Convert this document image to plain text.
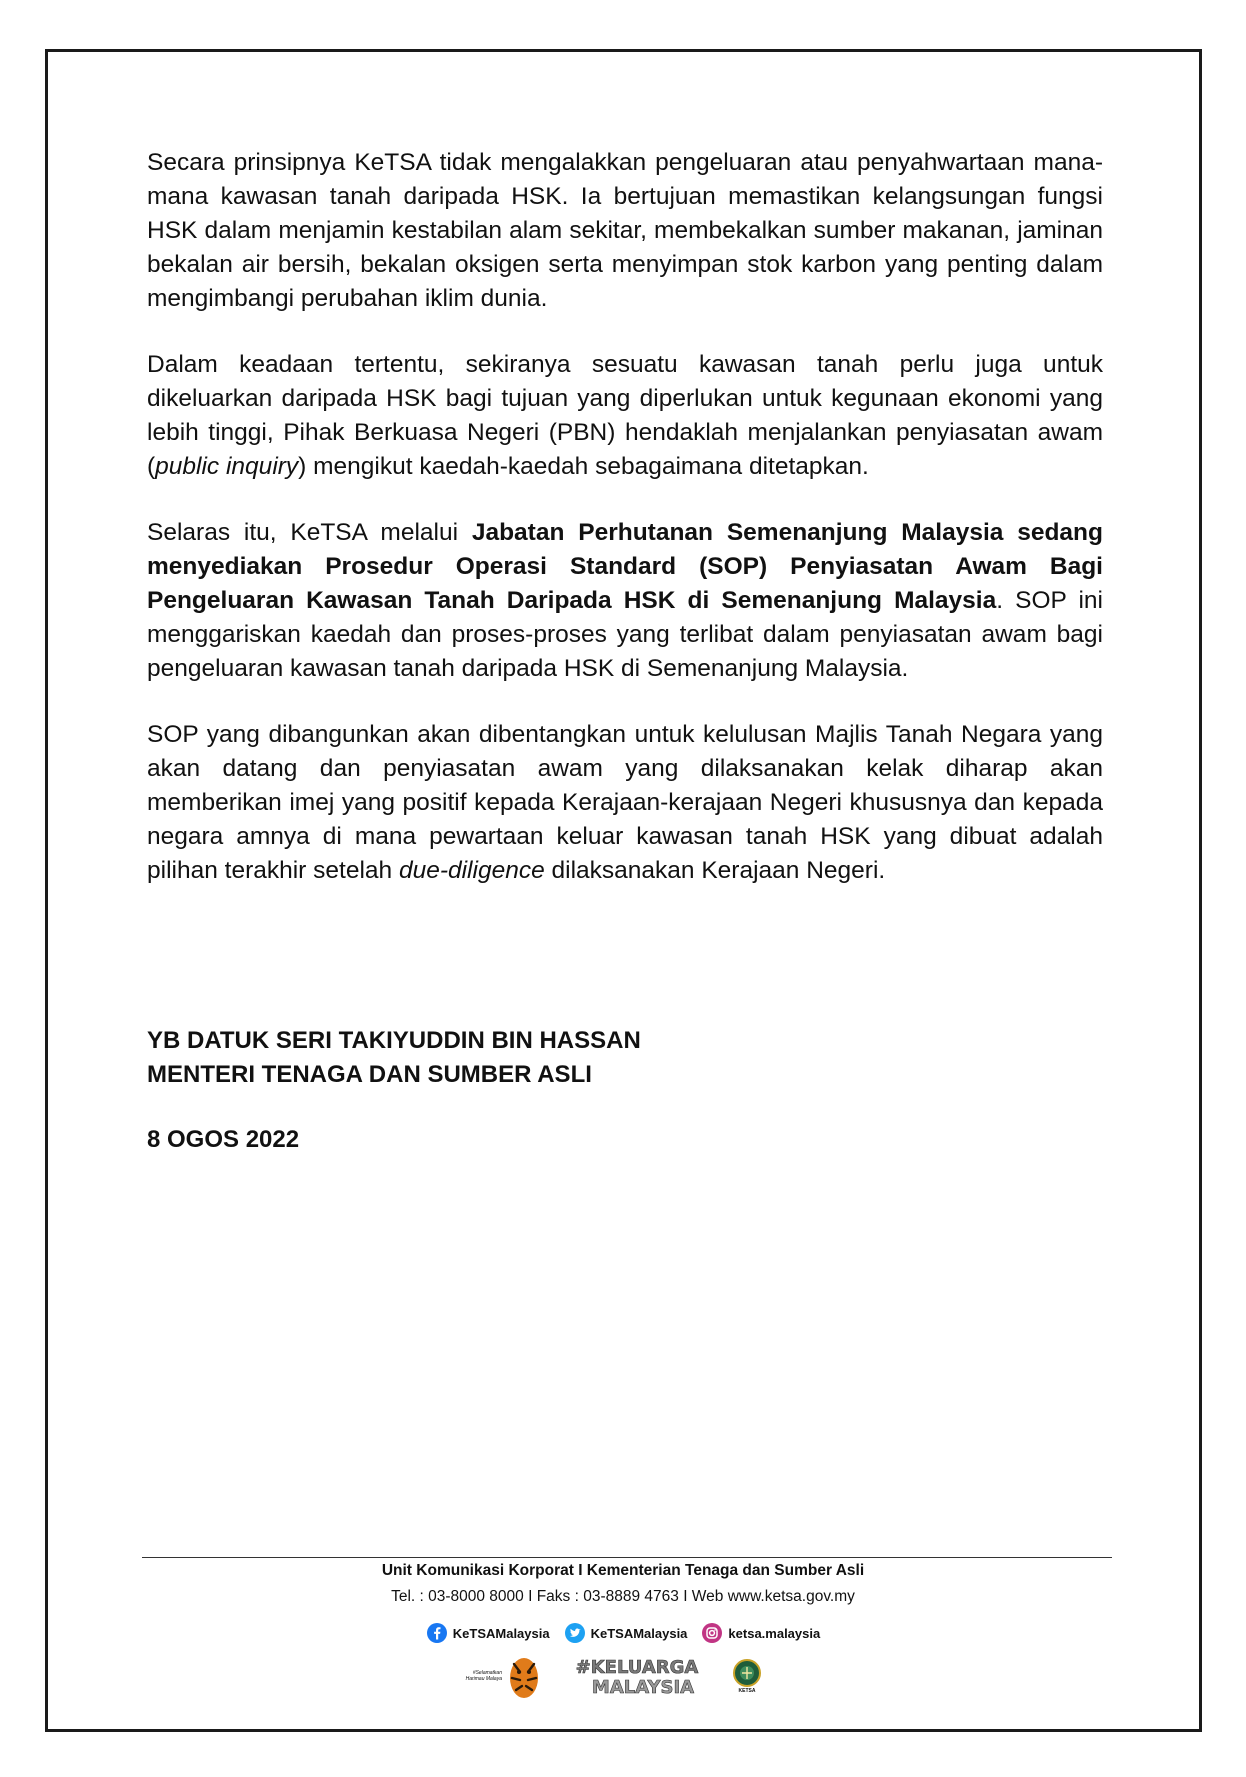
Secara prinsipnya KeTSA tidak mengalakkan pengeluaran atau penyahwartaan mana-mana kawasan tanah daripada HSK. Ia bertujuan memastikan kelangsungan fungsi HSK dalam menjamin kestabilan alam sekitar, membekalkan sumber makanan, jaminan bekalan air bersih, bekalan oksigen serta menyimpan stok karbon yang penting dalam mengimbangi perubahan iklim dunia.

Dalam keadaan tertentu, sekiranya sesuatu kawasan tanah perlu juga untuk dikeluarkan daripada HSK bagi tujuan yang diperlukan untuk kegunaan ekonomi yang lebih tinggi, Pihak Berkuasa Negeri (PBN) hendaklah menjalankan penyiasatan awam (public inquiry) mengikut kaedah-kaedah sebagaimana ditetapkan.

Selaras itu, KeTSA melalui Jabatan Perhutanan Semenanjung Malaysia sedang menyediakan Prosedur Operasi Standard (SOP) Penyiasatan Awam Bagi Pengeluaran Kawasan Tanah Daripada HSK di Semenanjung Malaysia. SOP ini menggariskan kaedah dan proses-proses yang terlibat dalam penyiasatan awam bagi pengeluaran kawasan tanah daripada HSK di Semenanjung Malaysia.

SOP yang dibangunkan akan dibentangkan untuk kelulusan Majlis Tanah Negara yang akan datang dan penyiasatan awam yang dilaksanakan kelak diharap akan memberikan imej yang positif kepada Kerajaan-kerajaan Negeri khususnya dan kepada negara amnya di mana pewartaan keluar kawasan tanah HSK yang dibuat adalah pilihan terakhir setelah due-diligence dilaksanakan Kerajaan Negeri.

YB DATUK SERI TAKIYUDDIN BIN HASSAN
MENTERI TENAGA DAN SUMBER ASLI
8 OGOS 2022
Unit Komunikasi Korporat I Kementerian Tenaga dan Sumber Asli
Tel. : 03-8000 8000 I Faks : 03-8889 4763 I Web www.ketsa.gov.my
KeTSAMalaysia	KeTSAMalaysia	ketsa.malaysia
#Selamatkan Harimau Malaya
#KELUARGA
MALAYSIA	KETSA
